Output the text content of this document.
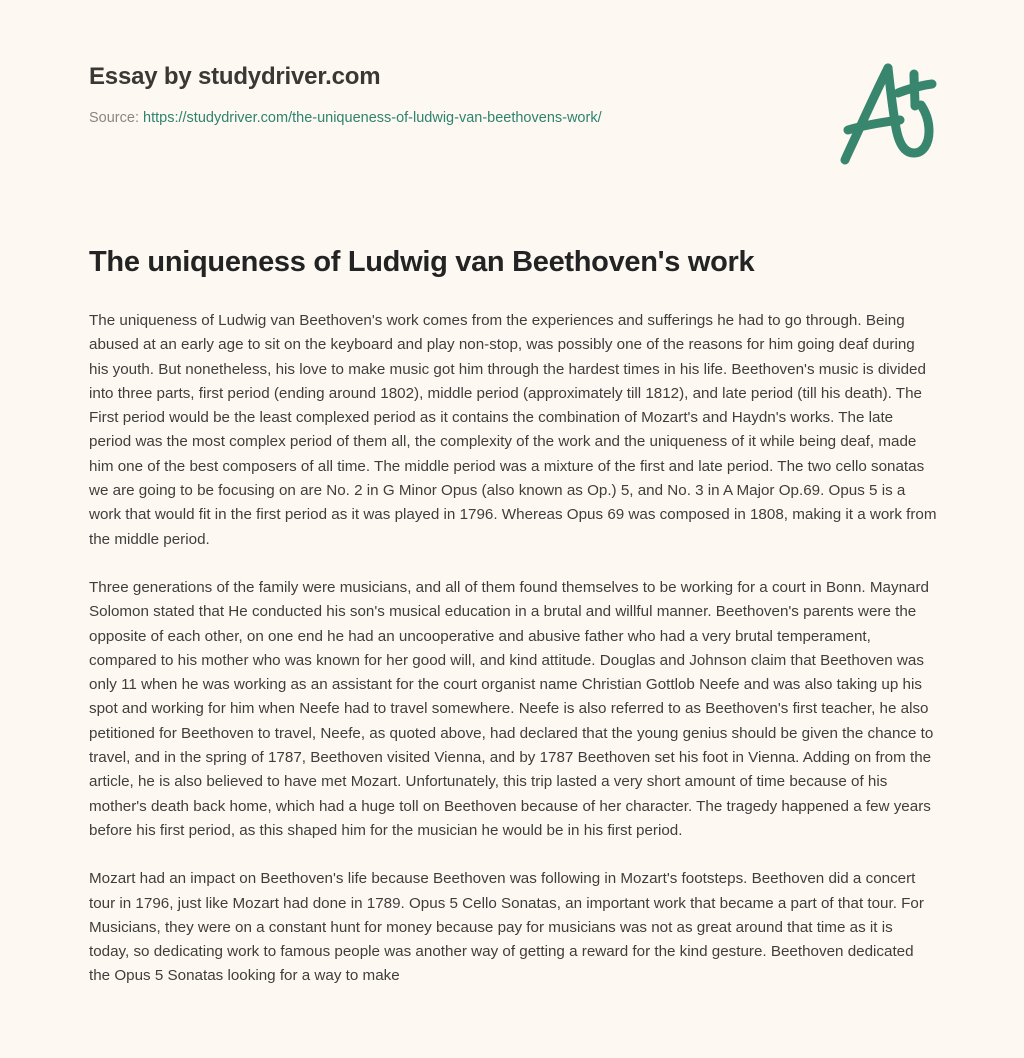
Essay by studydriver.com
Source: https://studydriver.com/the-uniqueness-of-ludwig-van-beethovens-work/
The uniqueness of Ludwig van Beethoven's work

The uniqueness of Ludwig van Beethoven's work comes from the experiences and sufferings he had to go through. Being abused at an early age to sit on the keyboard and play non-stop, was possibly one of the reasons for him going deaf during his youth. But nonetheless, his love to make music got him through the hardest times in his life. Beethoven's music is divided into three parts, first period (ending around 1802), middle period (approximately till 1812), and late period (till his death). The First period would be the least complexed period as it contains the combination of Mozart's and Haydn's works. The late period was the most complex period of them all, the complexity of the work and the uniqueness of it while being deaf, made him one of the best composers of all time. The middle period was a mixture of the first and late period. The two cello sonatas we are going to be focusing on are No. 2 in G Minor Opus (also known as Op.) 5, and No. 3 in A Major Op.69. Opus 5 is a work that would fit in the first period as it was played in 1796. Whereas Opus 69 was composed in 1808, making it a work from the middle period.

Three generations of the family were musicians, and all of them found themselves to be working for a court in Bonn. Maynard Solomon stated that He conducted his son's musical education in a brutal and willful manner. Beethoven's parents were the opposite of each other, on one end he had an uncooperative and abusive father who had a very brutal temperament, compared to his mother who was known for her good will, and kind attitude. Douglas and Johnson claim that Beethoven was only 11 when he was working as an assistant for the court organist name Christian Gottlob Neefe and was also taking up his spot and working for him when Neefe had to travel somewhere. Neefe is also referred to as Beethoven's first teacher, he also petitioned for Beethoven to travel, Neefe, as quoted above, had declared that the young genius should be given the chance to travel, and in the spring of 1787, Beethoven visited Vienna, and by 1787 Beethoven set his foot in Vienna. Adding on from the article, he is also believed to have met Mozart. Unfortunately, this trip lasted a very short amount of time because of his mother's death back home, which had a huge toll on Beethoven because of her character. The tragedy happened a few years before his first period, as this shaped him for the musician he would be in his first period.

Mozart had an impact on Beethoven's life because Beethoven was following in Mozart's footsteps. Beethoven did a concert tour in 1796, just like Mozart had done in 1789. Opus 5 Cello Sonatas, an important work that became a part of that tour. For Musicians, they were on a constant hunt for money because pay for musicians was not as great around that time as it is today, so dedicating work to famous people was another way of getting a reward for the kind gesture. Beethoven dedicated the Opus 5 Sonatas looking for a way to make
